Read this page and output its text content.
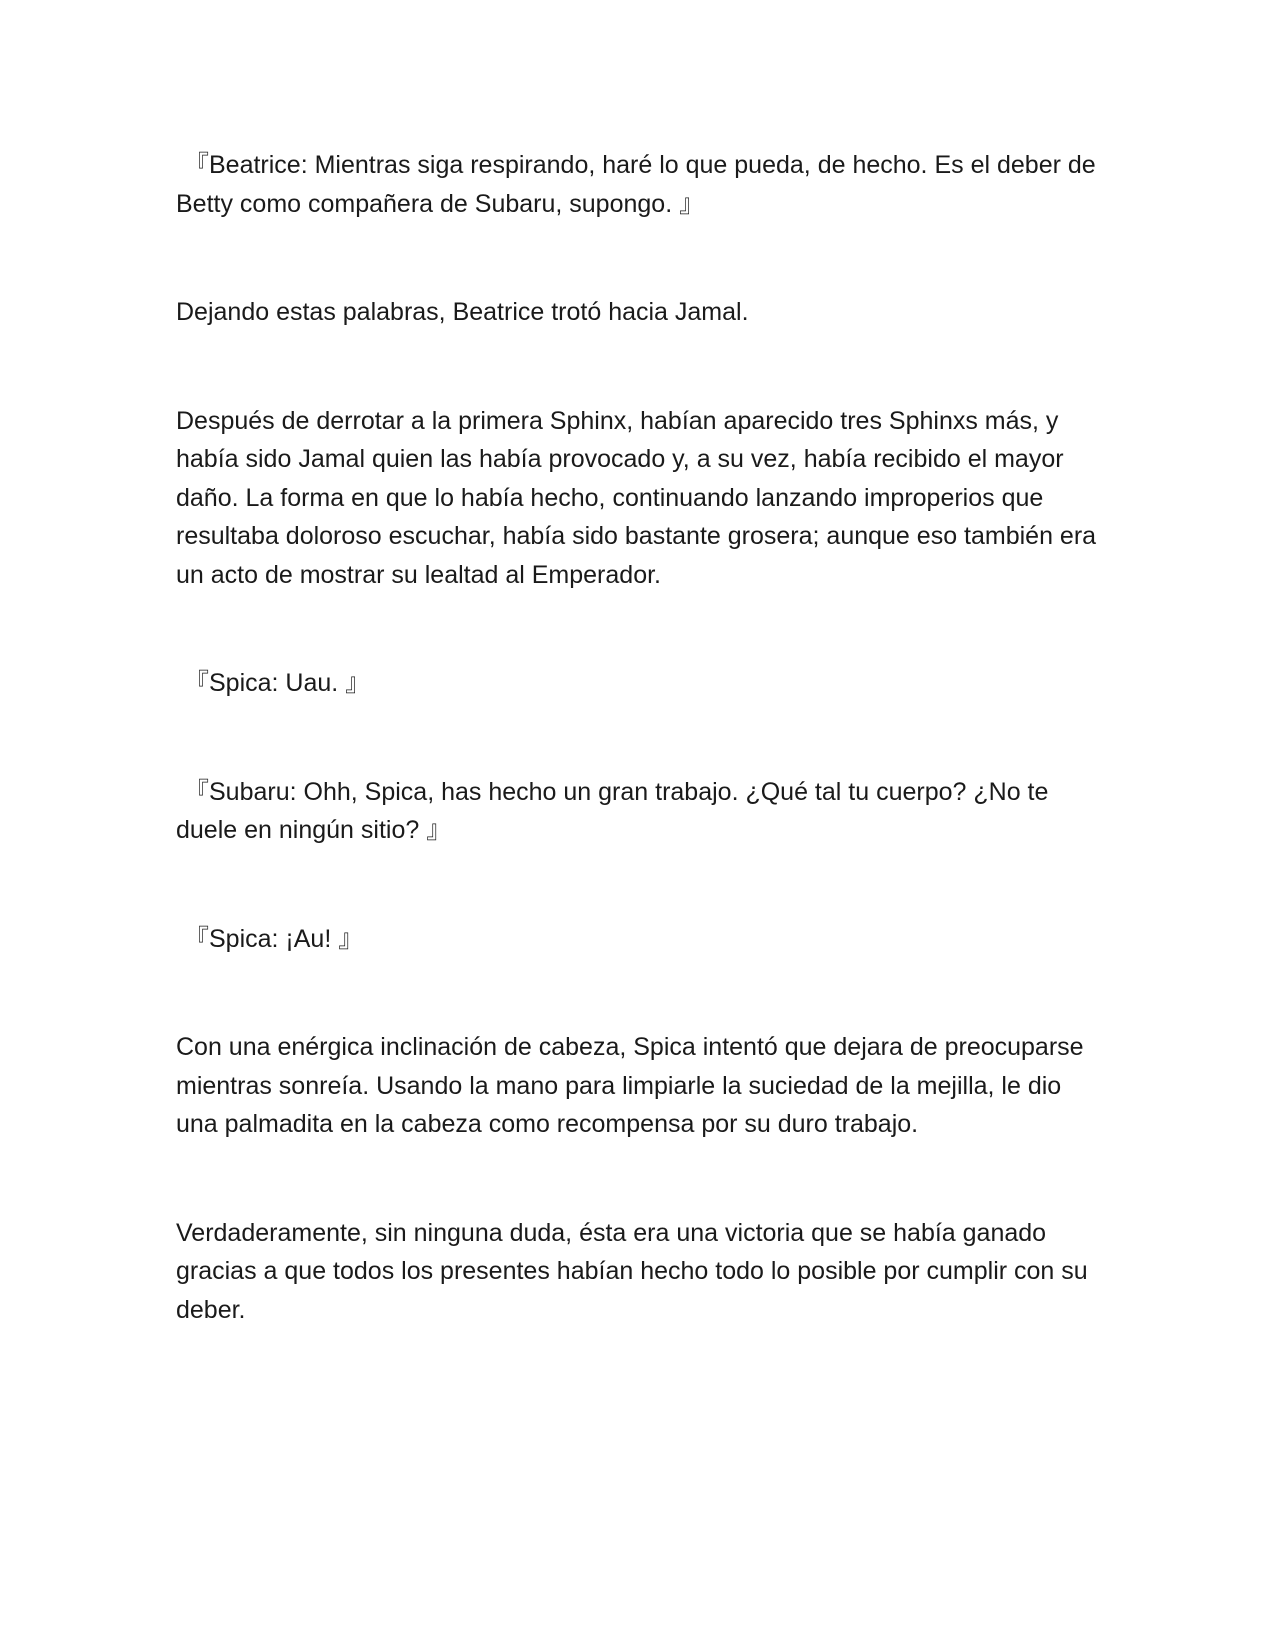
『Beatrice: Mientras siga respirando, haré lo que pueda, de hecho. Es el deber de Betty como compañera de Subaru, supongo. 』

Dejando estas palabras, Beatrice trotó hacia Jamal.

Después de derrotar a la primera Sphinx, habían aparecido tres Sphinxs más, y había sido Jamal quien las había provocado y, a su vez, había recibido el mayor daño. La forma en que lo había hecho, continuando lanzando improperios que resultaba doloroso escuchar, había sido bastante grosera; aunque eso también era un acto de mostrar su lealtad al Emperador.

『Spica: Uau. 』

『Subaru: Ohh, Spica, has hecho un gran trabajo. ¿Qué tal tu cuerpo? ¿No te duele en ningún sitio? 』

『Spica: ¡Au! 』

Con una enérgica inclinación de cabeza, Spica intentó que dejara de preocuparse mientras sonreía. Usando la mano para limpiarle la suciedad de la mejilla, le dio una palmadita en la cabeza como recompensa por su duro trabajo.

Verdaderamente, sin ninguna duda, ésta era una victoria que se había ganado gracias a que todos los presentes habían hecho todo lo posible por cumplir con su deber.
